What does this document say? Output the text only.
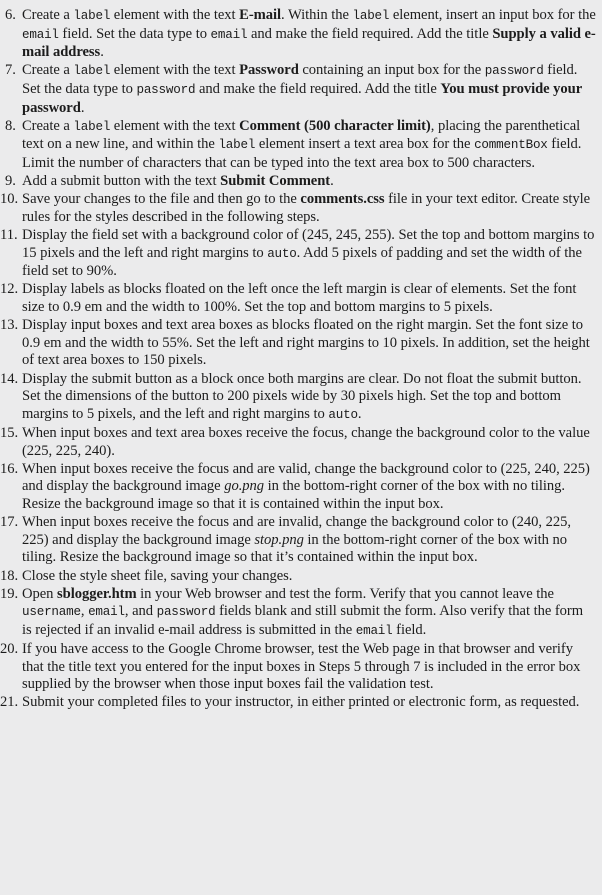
6. Create a label element with the text E-mail. Within the label element, insert an input box for the email field. Set the data type to email and make the field required. Add the title Supply a valid e-mail address.
7. Create a label element with the text Password containing an input box for the password field. Set the data type to password and make the field required. Add the title You must provide your password.
8. Create a label element with the text Comment (500 character limit), placing the parenthetical text on a new line, and within the label element insert a text area box for the commentBox field. Limit the number of characters that can be typed into the text area box to 500 characters.
9. Add a submit button with the text Submit Comment.
10. Save your changes to the file and then go to the comments.css file in your text editor. Create style rules for the styles described in the following steps.
11. Display the field set with a background color of (245, 245, 255). Set the top and bottom margins to 15 pixels and the left and right margins to auto. Add 5 pixels of padding and set the width of the field set to 90%.
12. Display labels as blocks floated on the left once the left margin is clear of elements. Set the font size to 0.9 em and the width to 100%. Set the top and bottom margins to 5 pixels.
13. Display input boxes and text area boxes as blocks floated on the right margin. Set the font size to 0.9 em and the width to 55%. Set the left and right margins to 10 pixels. In addition, set the height of text area boxes to 150 pixels.
14. Display the submit button as a block once both margins are clear. Do not float the submit button. Set the dimensions of the button to 200 pixels wide by 30 pixels high. Set the top and bottom margins to 5 pixels, and the left and right margins to auto.
15. When input boxes and text area boxes receive the focus, change the background color to the value (225, 225, 240).
16. When input boxes receive the focus and are valid, change the background color to (225, 240, 225) and display the background image go.png in the bottom-right corner of the box with no tiling. Resize the background image so that it is contained within the input box.
17. When input boxes receive the focus and are invalid, change the background color to (240, 225, 225) and display the background image stop.png in the bottom-right corner of the box with no tiling. Resize the background image so that it’s contained within the input box.
18. Close the style sheet file, saving your changes.
19. Open sblogger.htm in your Web browser and test the form. Verify that you cannot leave the username, email, and password fields blank and still submit the form. Also verify that the form is rejected if an invalid e-mail address is submitted in the email field.
20. If you have access to the Google Chrome browser, test the Web page in that browser and verify that the title text you entered for the input boxes in Steps 5 through 7 is included in the error box supplied by the browser when those input boxes fail the validation test.
21. Submit your completed files to your instructor, in either printed or electronic form, as requested.
